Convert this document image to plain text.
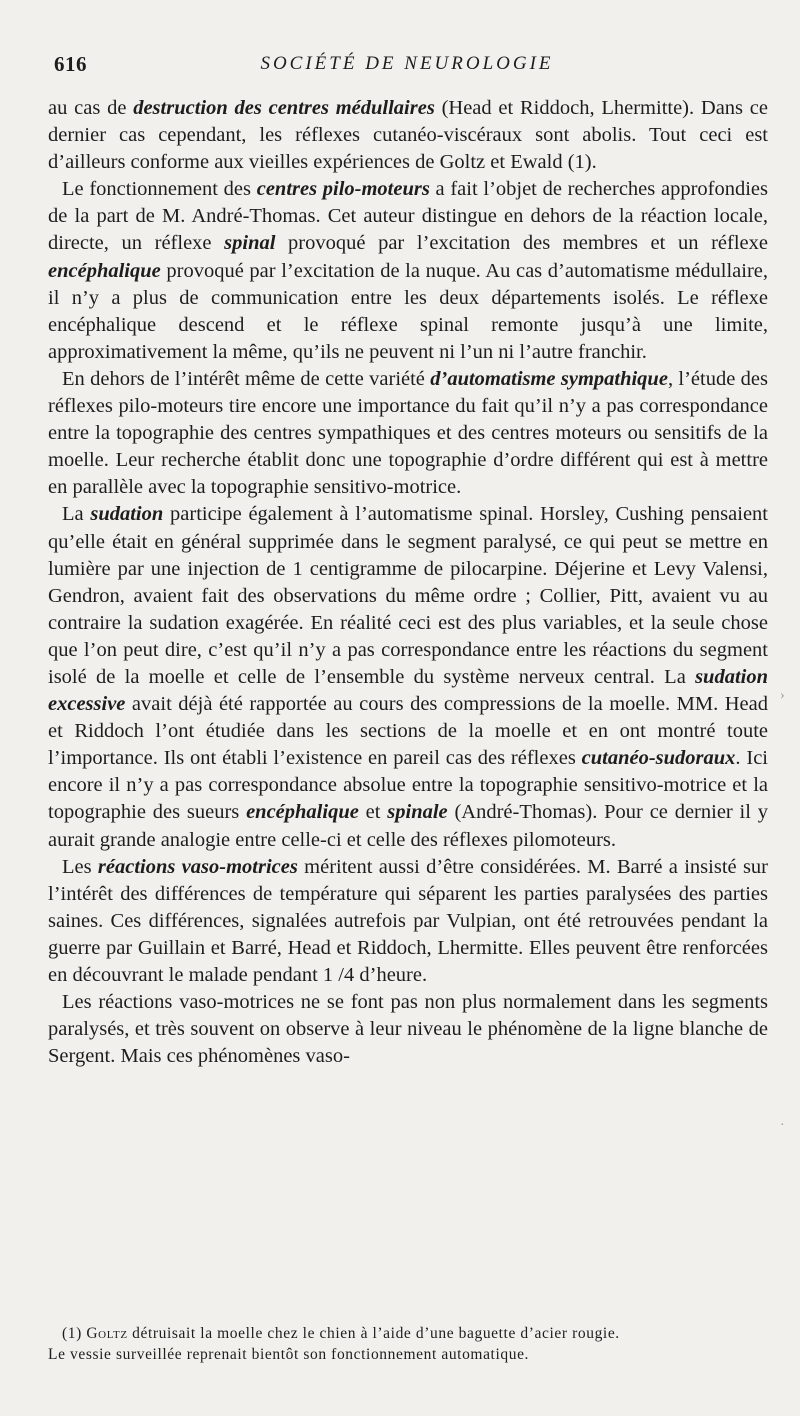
616	SOCIÉTÉ DE NEUROLOGIE

au cas de destruction des centres médullaires (Head et Riddoch, Lhermitte). Dans ce dernier cas cependant, les réflexes cutanéo-viscéraux sont abolis. Tout ceci est d’ailleurs conforme aux vieilles expériences de Goltz et Ewald (1).

Le fonctionnement des centres pilo-moteurs a fait l’objet de recherches approfondies de la part de M. André-Thomas. Cet auteur distingue en dehors de la réaction locale, directe, un réflexe spinal provoqué par l’excitation des membres et un réflexe encéphalique provoqué par l’excitation de la nuque. Au cas d’automatisme médullaire, il n’y a plus de communication entre les deux départements isolés. Le réflexe encéphalique descend et le réflexe spinal remonte jusqu’à une limite, approximativement la même, qu’ils ne peuvent ni l’un ni l’autre franchir.

En dehors de l’intérêt même de cette variété d’automatisme sympathique, l’étude des réflexes pilo-moteurs tire encore une importance du fait qu’il n’y a pas correspondance entre la topographie des centres sympathiques et des centres moteurs ou sensitifs de la moelle. Leur recherche établit donc une topographie d’ordre différent qui est à mettre en parallèle avec la topographie sensitivo-motrice.

La sudation participe également à l’automatisme spinal. Horsley, Cushing pensaient qu’elle était en général supprimée dans le segment paralysé, ce qui peut se mettre en lumière par une injection de 1 centigramme de pilocarpine. Déjerine et Levy Valensi, Gendron, avaient fait des observations du même ordre ; Collier, Pitt, avaient vu au contraire la sudation exagérée. En réalité ceci est des plus variables, et la seule chose que l’on peut dire, c’est qu’il n’y a pas correspondance entre les réactions du segment isolé de la moelle et celle de l’ensemble du système nerveux central. La sudation excessive avait déjà été rapportée au cours des compressions de la moelle. MM. Head et Riddoch l’ont étudiée dans les sections de la moelle et en ont montré toute l’importance. Ils ont établi l’existence en pareil cas des réflexes cutanéo-sudoraux. Ici encore il n’y a pas correspondance absolue entre la topographie sensitivo-motrice et la topographie des sueurs encéphalique et spinale (André-Thomas). Pour ce dernier il y aurait grande analogie entre celle-ci et celle des réflexes pilomoteurs.

Les réactions vaso-motrices méritent aussi d’être considérées. M. Barré a insisté sur l’intérêt des différences de température qui séparent les parties paralysées des parties saines. Ces différences, signalées autrefois par Vulpian, ont été retrouvées pendant la guerre par Guillain et Barré, Head et Riddoch, Lhermitte. Elles peuvent être renforcées en découvrant le malade pendant 1 /4 d’heure.

Les réactions vaso-motrices ne se font pas non plus normalement dans les segments paralysés, et très souvent on observe à leur niveau le phénomène de la ligne blanche de Sergent. Mais ces phénomènes vaso-

(1) Goltz détruisait la moelle chez le chien à l’aide d’une baguette d’acier rougie.

Le vessie surveillée reprenait bientôt son fonctionnement automatique.

›
·
